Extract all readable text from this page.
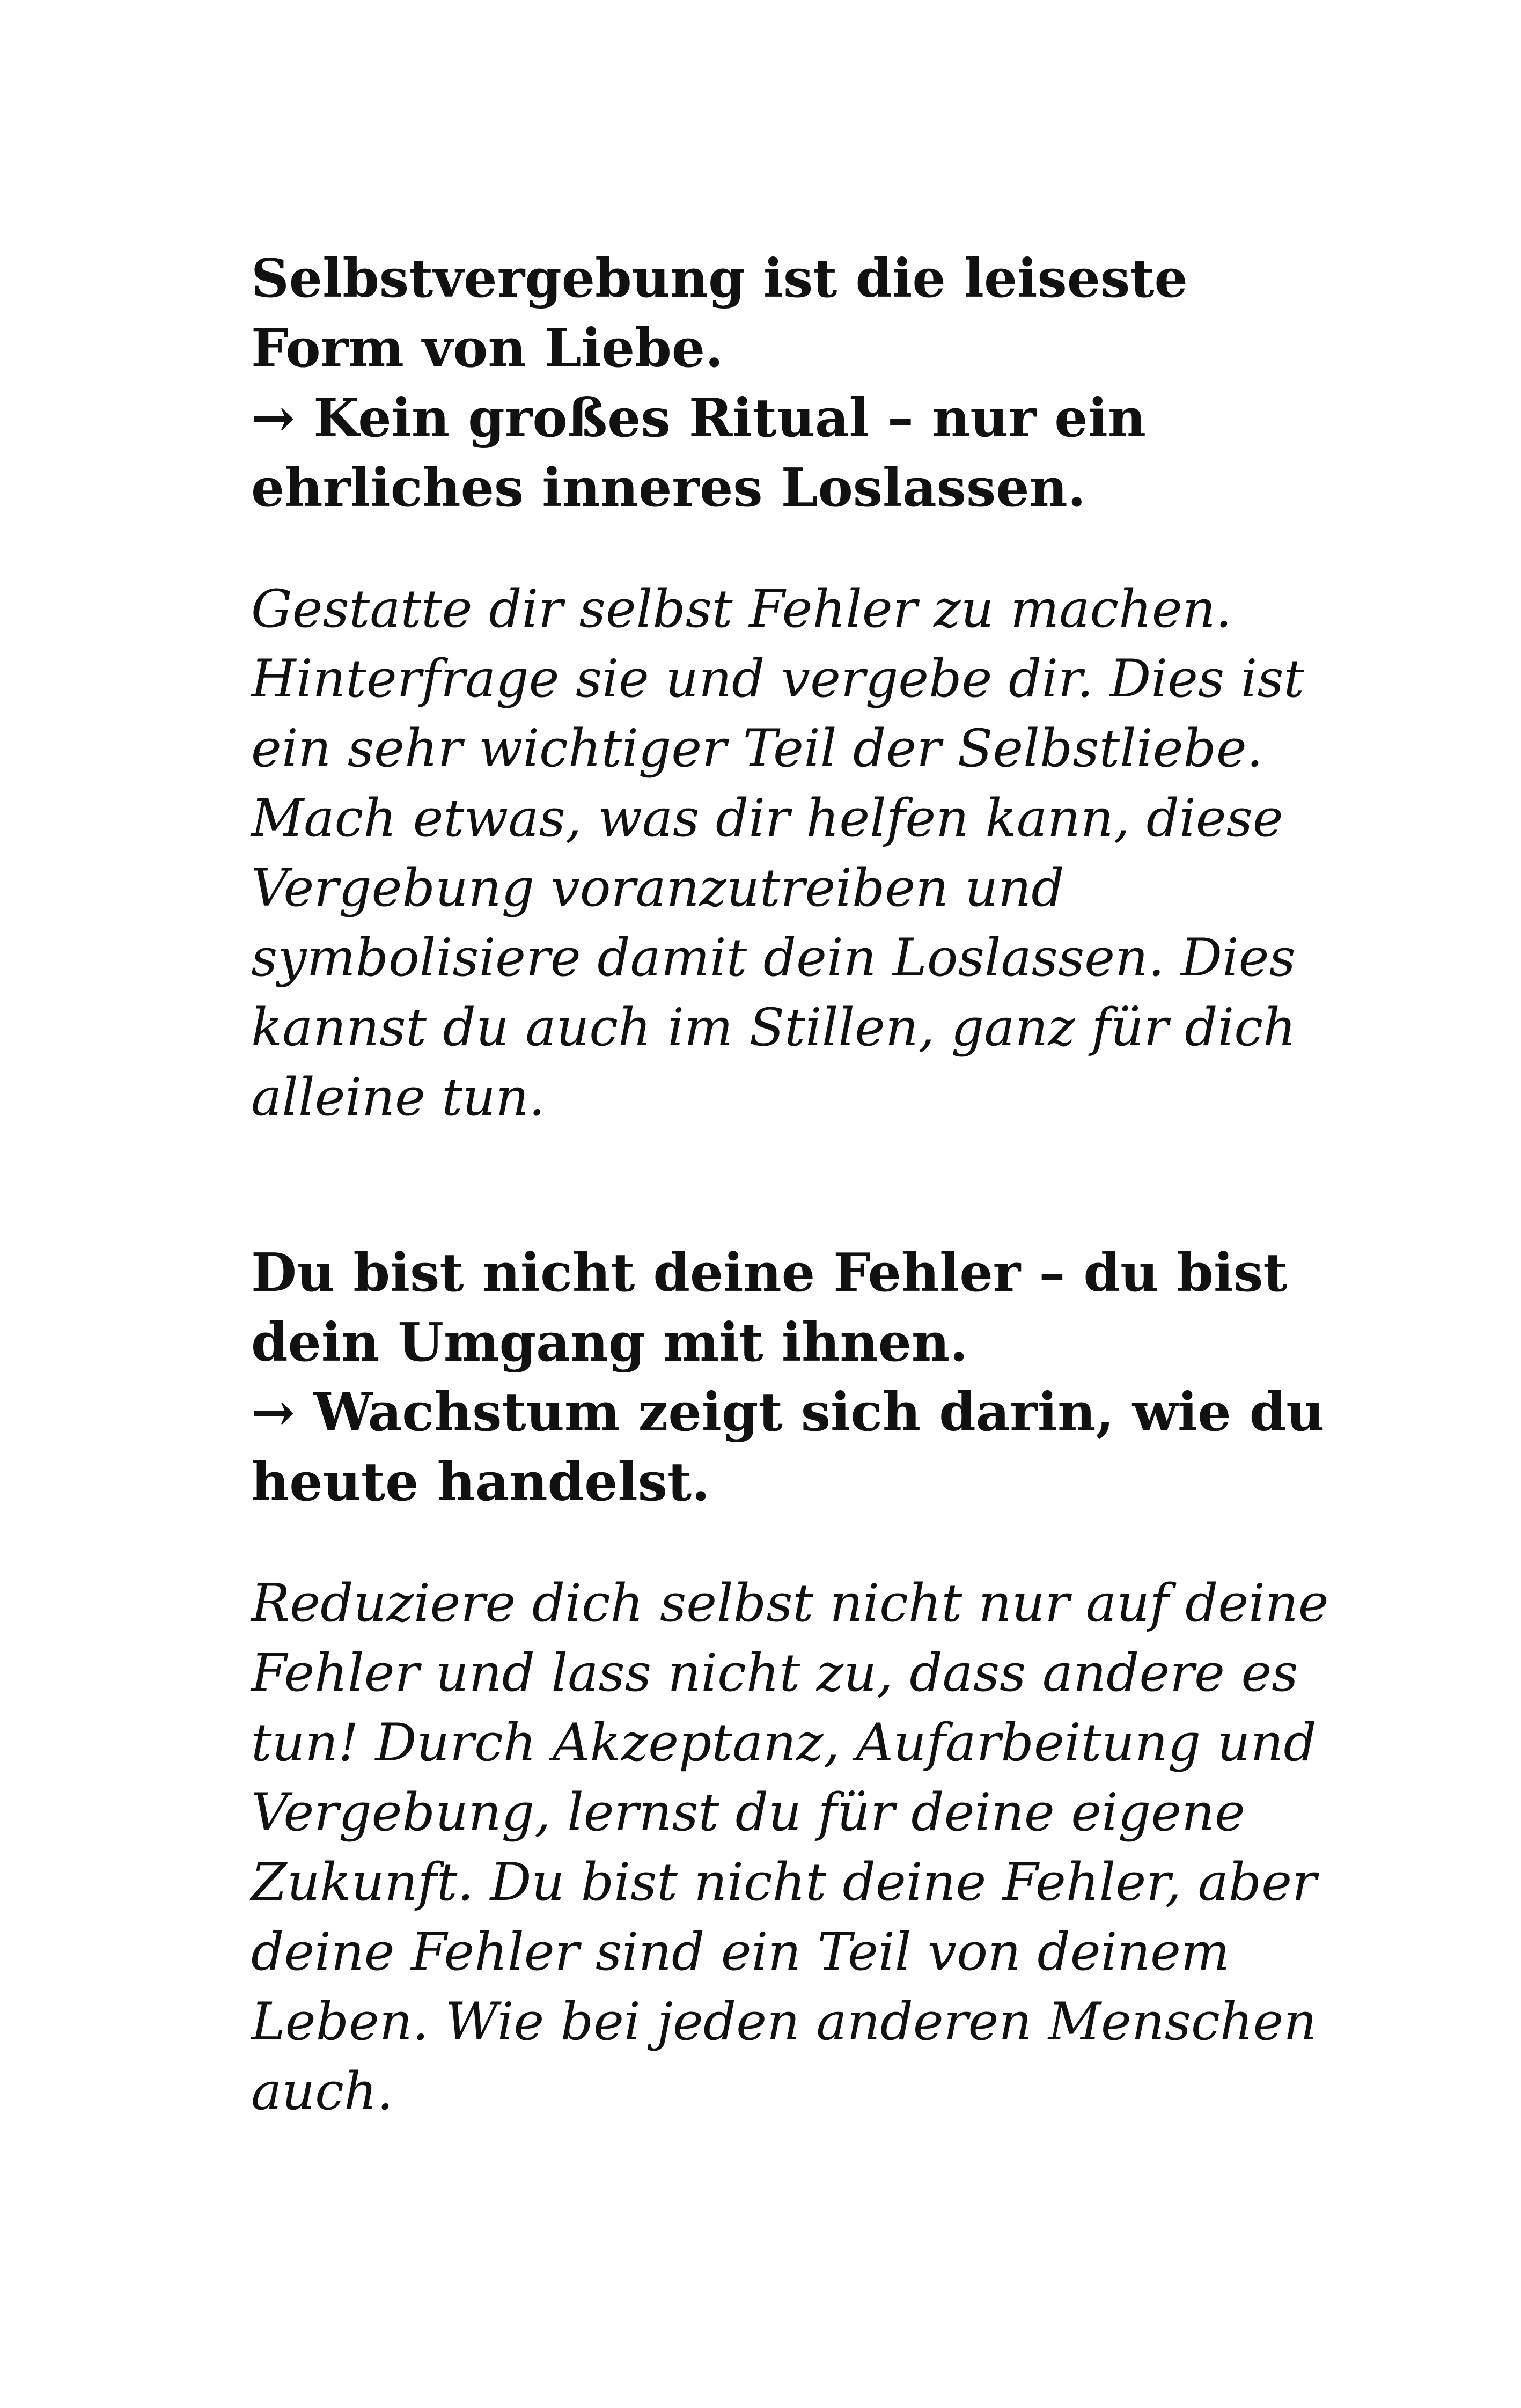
Selbstvergebung ist die leiseste
Form von Liebe.
→ Kein großes Ritual – nur ein
ehrliches inneres Loslassen.

Gestatte dir selbst Fehler zu machen.
Hinterfrage sie und vergebe dir. Dies ist
ein sehr wichtiger Teil der Selbstliebe.
Mach etwas, was dir helfen kann, diese
Vergebung voranzutreiben und
symbolisiere damit dein Loslassen. Dies
kannst du auch im Stillen, ganz für dich
alleine tun.

Du bist nicht deine Fehler – du bist
dein Umgang mit ihnen.
→ Wachstum zeigt sich darin, wie du
heute handelst.

Reduziere dich selbst nicht nur auf deine
Fehler und lass nicht zu, dass andere es
tun! Durch Akzeptanz, Aufarbeitung und
Vergebung, lernst du für deine eigene
Zukunft. Du bist nicht deine Fehler, aber
deine Fehler sind ein Teil von deinem
Leben. Wie bei jeden anderen Menschen
auch.
